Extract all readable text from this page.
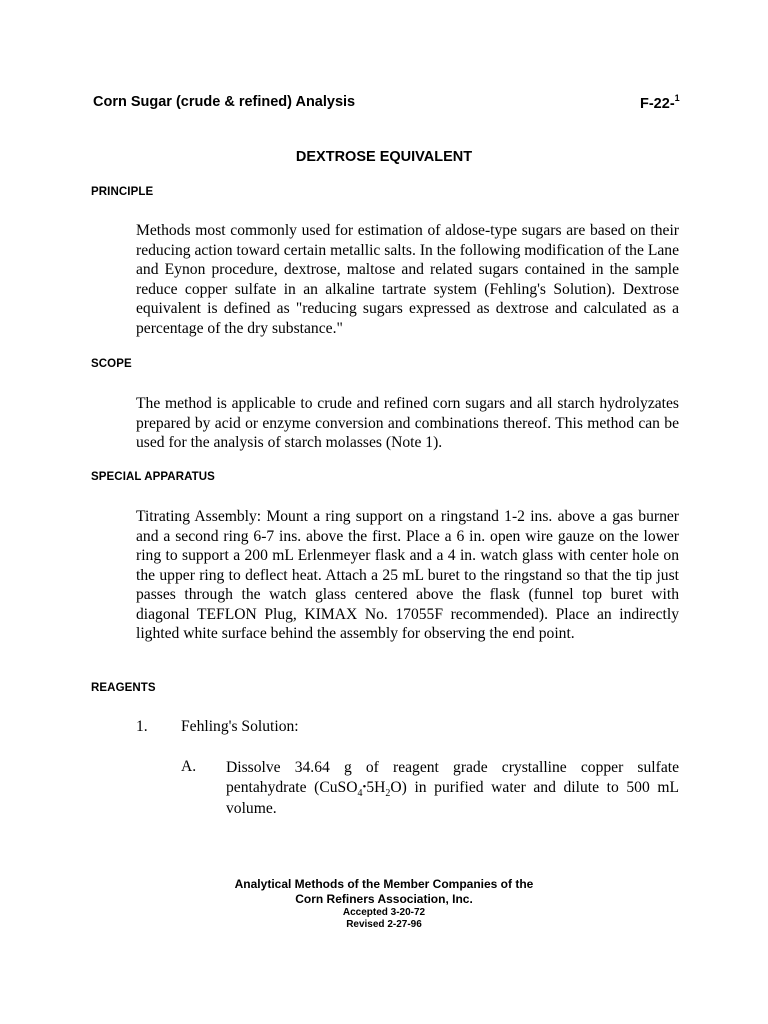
Corn Sugar (crude & refined) Analysis	F-22-$^1$
DEXTROSE EQUIVALENT
PRINCIPLE

Methods most commonly used for estimation of aldose-type sugars are based on their reducing action toward certain metallic salts. In the following modification of the Lane and Eynon procedure, dextrose, maltose and related sugars contained in the sample reduce copper sulfate in an alkaline tartrate system (Fehling's Solution). Dextrose equivalent is defined as "reducing sugars expressed as dextrose and calculated as a percentage of the dry substance."

SCOPE

The method is applicable to crude and refined corn sugars and all starch hydrolyzates prepared by acid or enzyme conversion and combinations thereof. This method can be used for the analysis of starch molasses (Note 1).

SPECIAL APPARATUS

Titrating Assembly: Mount a ring support on a ringstand 1-2 ins. above a gas burner and a second ring 6-7 ins. above the first. Place a 6 in. open wire gauze on the lower ring to support a 200 mL Erlenmeyer flask and a 4 in. watch glass with center hole on the upper ring to deflect heat. Attach a 25 mL buret to the ringstand so that the tip just passes through the watch glass centered above the flask (funnel top buret with diagonal TEFLON Plug, KIMAX No. 17055F recommended). Place an indirectly lighted white surface behind the assembly for observing the end point.

REAGENTS
1. Fehling's Solution:
A. Dissolve 34.64 g of reagent grade crystalline copper sulfate pentahydrate $(CuSO_4•5H_2O)$ in purified water and dilute to 500 mL volume.

Analytical Methods of the Member Companies of the
Corn Refiners Association, Inc.
Accepted 3-20-72
Revised 2-27-96
